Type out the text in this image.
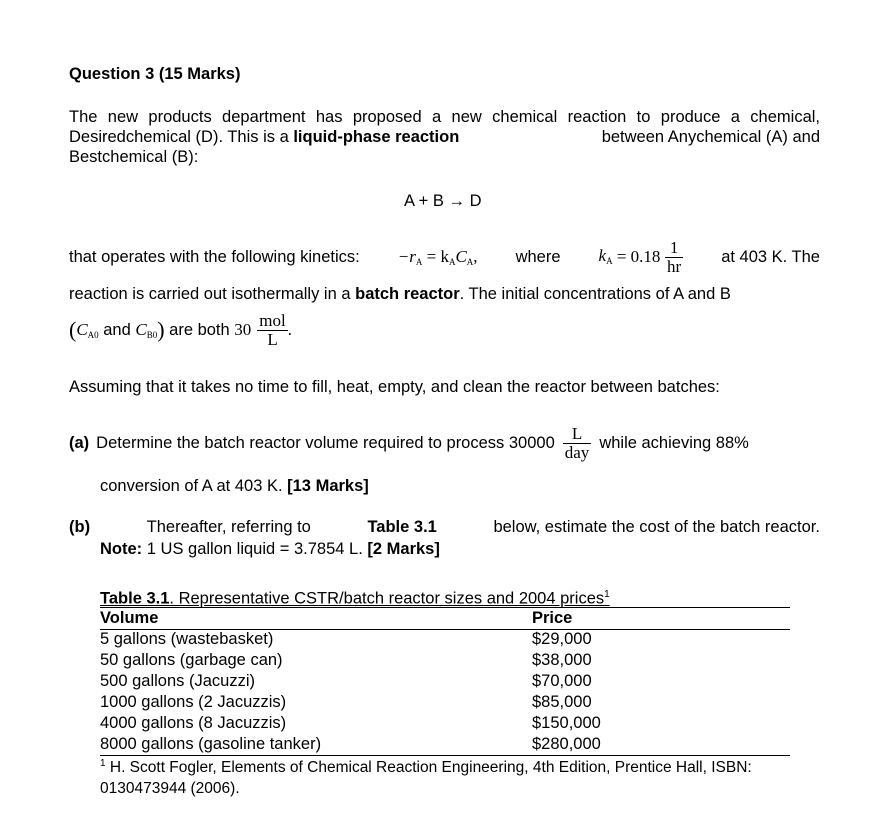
Question 3 (15 Marks)
The new products department has proposed a new chemical reaction to produce a chemical,
Desiredchemical (D). This is a liquid-phase reaction	between Anychemical (A) and
Bestchemical (B):
A + B → D
that operates with the following kinetics: $-r_A = k_AC_A$, where $k_A = 0.18 \frac{1}{hr}$ at 403 K. The
reaction is carried out isothermally in a batch reactor. The initial concentrations of A and B
( $C_{A0}$ and $C_{B0}$ ) are both $30 \frac{\text{mol}}{L}$ .
Assuming that it takes no time to fill, heat, empty, and clean the reactor between batches:
(a) Determine the batch reactor volume required to process $30000 \frac{L}{\text{day}}$ while achieving 88%
conversion of A at 403 K. [13 Marks]
(b)	Thereafter, referring to	Table 3.1	below, estimate the cost of the batch reactor.
Note: 1 US gallon liquid = 3.7854 L. [2 Marks]
Table 3.1. Representative CSTR/batch reactor sizes and 2004 prices$^1$
Volume	Price
5 gallons (wastebasket)	$29,000
50 gallons (garbage can)	$38,000
500 gallons (Jacuzzi)	$70,000
1000 gallons (2 Jacuzzis)	$85,000
4000 gallons (8 Jacuzzis)	$150,000
8000 gallons (gasoline tanker)	$280,000
$^1$ H. Scott Fogler, Elements of Chemical Reaction Engineering, 4th Edition, Prentice Hall, ISBN:
0130473944 (2006).
